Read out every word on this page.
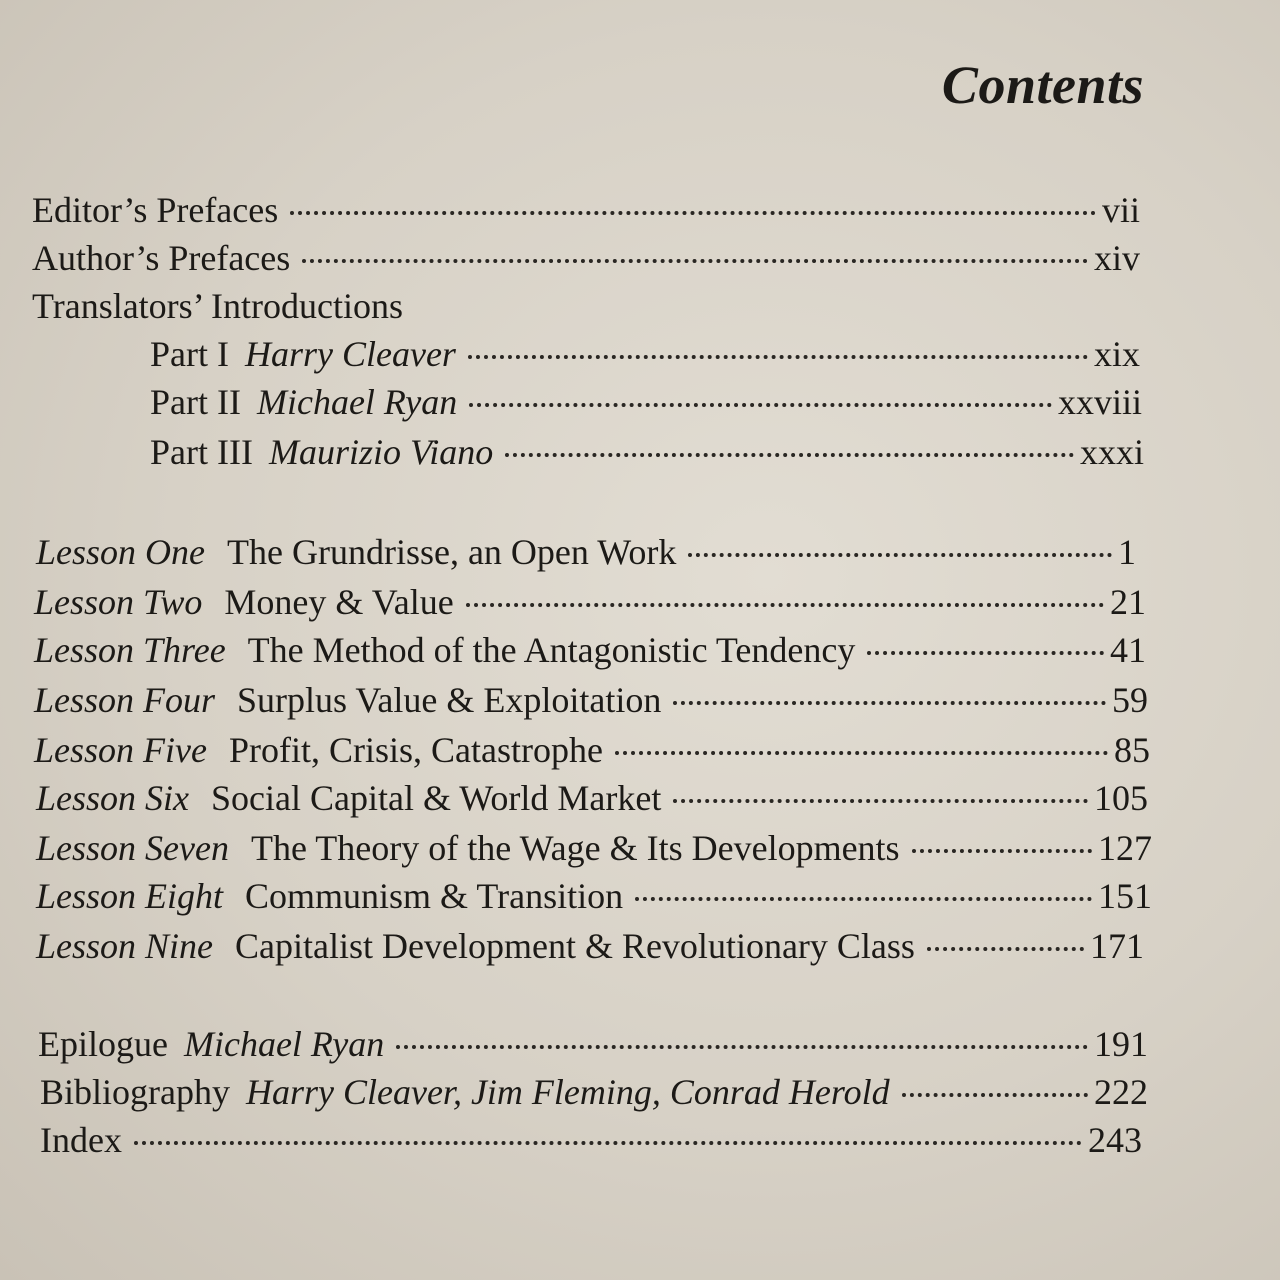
Contents
Editor’s Prefaces	vii
Author’s Prefaces	xiv
Translators’ Introductions
Part I Harry Cleaver	xix
Part II Michael Ryan	xxviii
Part III Maurizio Viano	xxxi
Lesson One The Grundrisse, an Open Work	1
Lesson Two Money & Value	21
Lesson Three The Method of the Antagonistic Tendency	41
Lesson Four Surplus Value & Exploitation	59
Lesson Five Profit, Crisis, Catastrophe	85
Lesson Six Social Capital & World Market	105
Lesson Seven The Theory of the Wage & Its Developments	127
Lesson Eight Communism & Transition	151
Lesson Nine Capitalist Development & Revolutionary Class	171
Epilogue Michael Ryan	191
Bibliography Harry Cleaver, Jim Fleming, Conrad Herold	222
Index	243
